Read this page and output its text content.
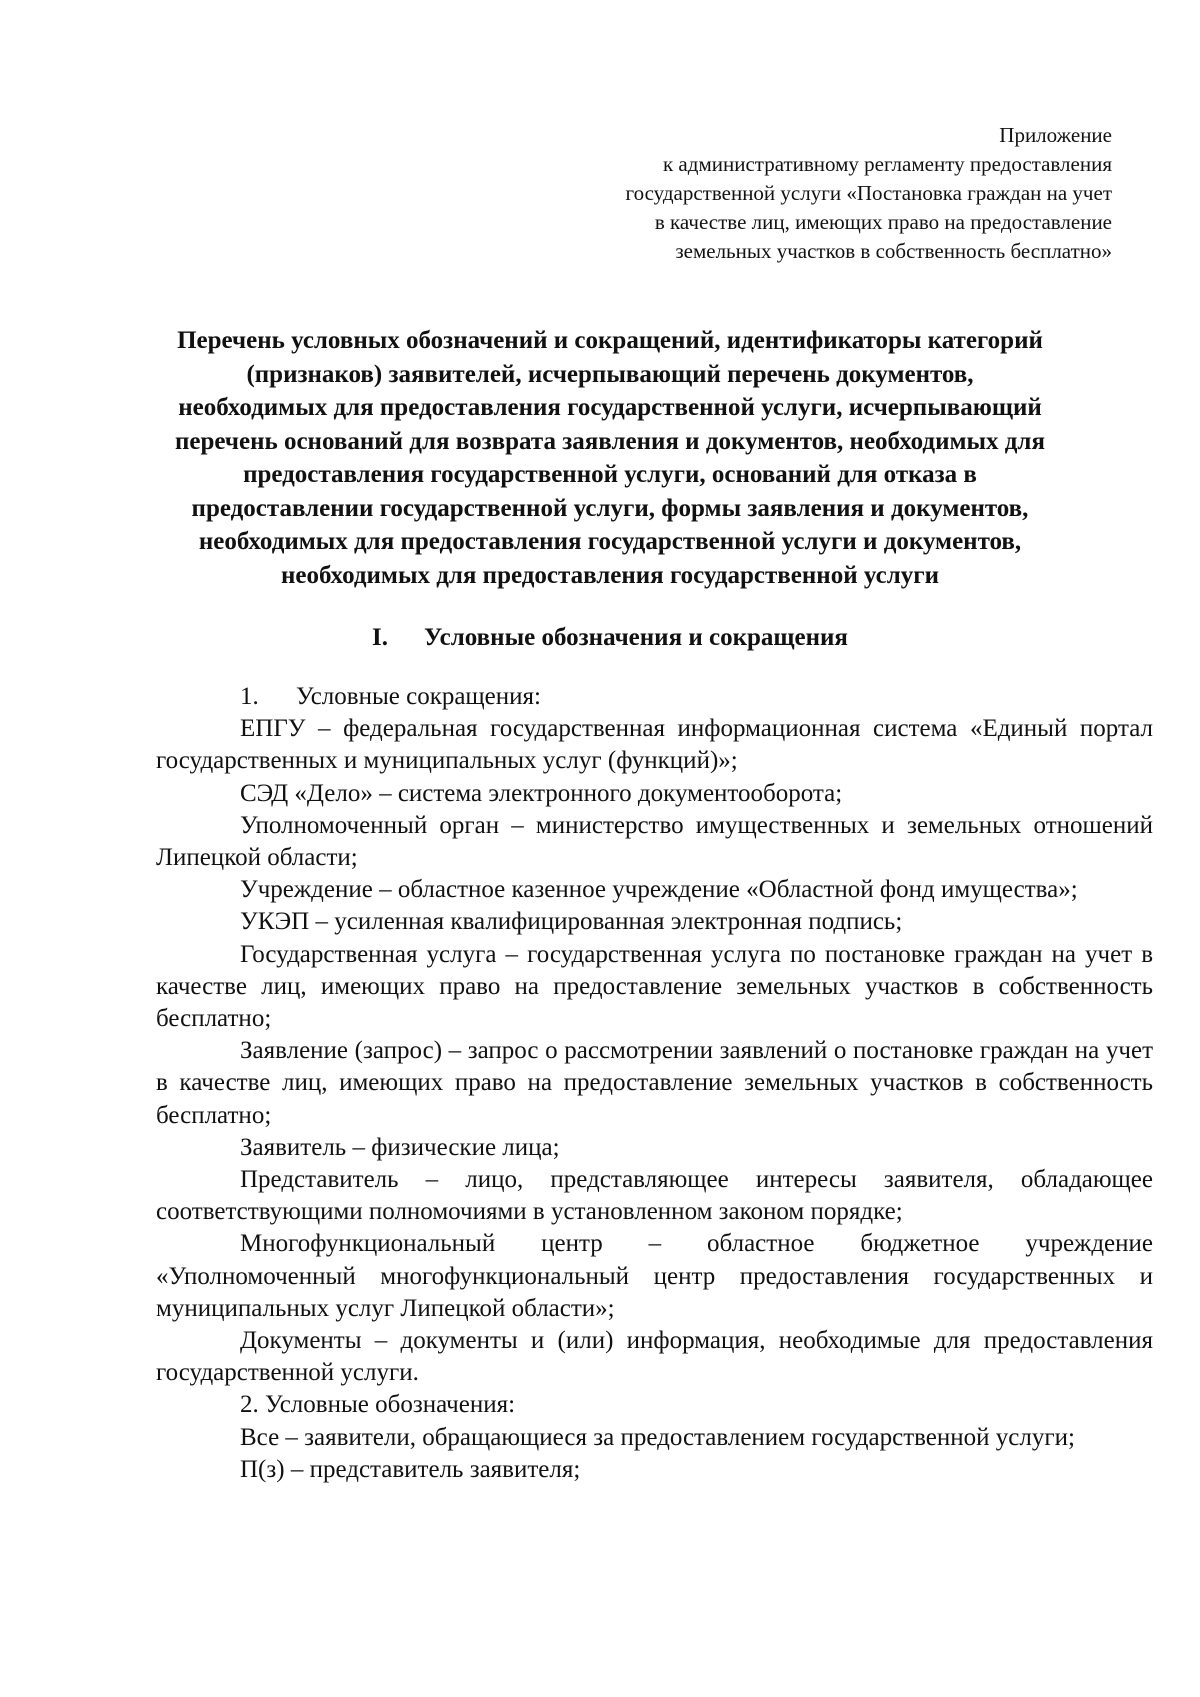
Приложение
к административному регламенту предоставления
государственной услуги «Постановка граждан на учет
в качестве лиц, имеющих право на предоставление
земельных участков в собственность бесплатно»
Перечень условных обозначений и сокращений, идентификаторы категорий
(признаков) заявителей, исчерпывающий перечень документов,
необходимых для предоставления государственной услуги, исчерпывающий
перечень оснований для возврата заявления и документов, необходимых для
предоставления государственной услуги, оснований для отказа в
предоставлении государственной услуги, формы заявления и документов,
необходимых для предоставления государственной услуги и документов,
необходимых для предоставления государственной услуги
I. Условные обозначения и сокращения

1. Условные сокращения:

ЕПГУ – федеральная государственная информационная система «Единый портал государственных и муниципальных услуг (функций)»;

СЭД «Дело» – система электронного документооборота;

Уполномоченный орган – министерство имущественных и земельных отношений Липецкой области;

Учреждение – областное казенное учреждение «Областной фонд имущества»;

УКЭП – усиленная квалифицированная электронная подпись;

Государственная услуга – государственная услуга по постановке граждан на учет в качестве лиц, имеющих право на предоставление земельных участков в собственность бесплатно;

Заявление (запрос) – запрос о рассмотрении заявлений о постановке граждан на учет в качестве лиц, имеющих право на предоставление земельных участков в собственность бесплатно;

Заявитель – физические лица;

Представитель – лицо, представляющее интересы заявителя, обладающее соответствующими полномочиями в установленном законом порядке;

Многофункциональный центр – областное бюджетное учреждение «Уполномоченный многофункциональный центр предоставления государственных и муниципальных услуг Липецкой области»;

Документы – документы и (или) информация, необходимые для предоставления государственной услуги.

2. Условные обозначения:

Все – заявители, обращающиеся за предоставлением государственной услуги;

П(з) – представитель заявителя;
